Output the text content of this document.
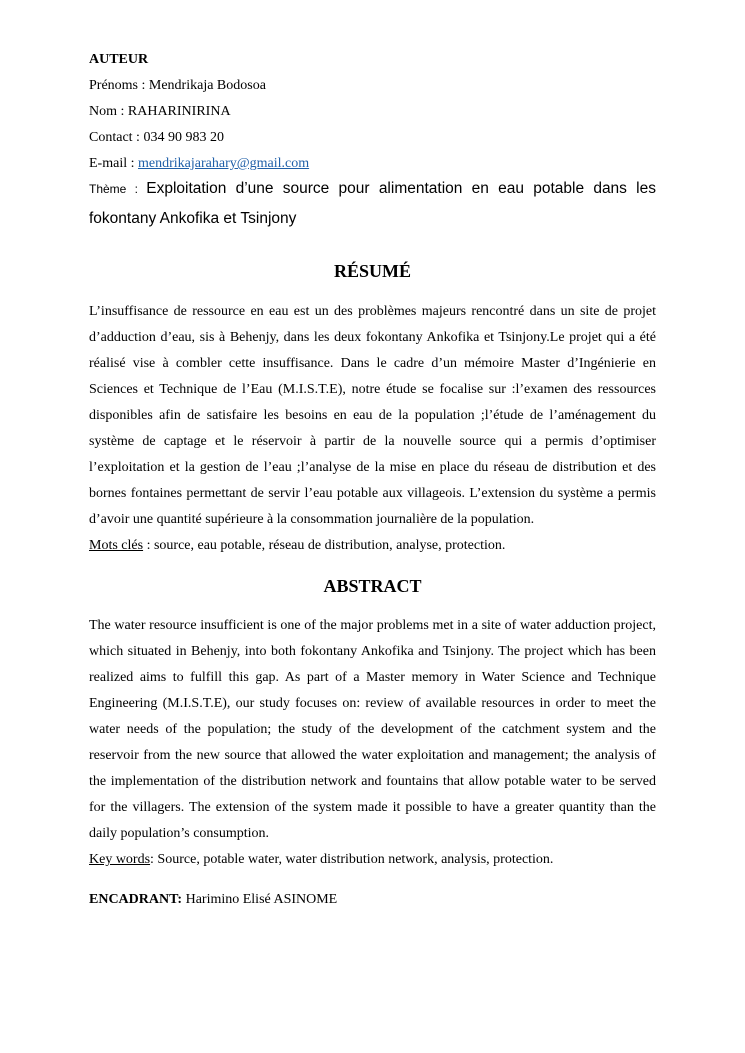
AUTEUR

Prénoms : Mendrikaja Bodosoa

Nom : RAHARINIRINA

Contact : 034 90 983 20

E-mail : mendrikajarahary@gmail.com

Thème : Exploitation d’une source pour alimentation en eau potable dans les fokontany Ankofika et Tsinjony

RÉSUMÉ

L’insuffisance de ressource en eau est un des problèmes majeurs rencontré dans un site de projet d’adduction d’eau, sis à Behenjy, dans les deux fokontany Ankofika et Tsinjony.Le projet qui a été réalisé vise à combler cette insuffisance. Dans le cadre d’un mémoire Master d’Ingénierie en Sciences et Technique de l’Eau (M.I.S.T.E), notre étude se focalise sur :l’examen des ressources disponibles afin de satisfaire les besoins en eau de la population ;l’étude de l’aménagement du système de captage et le réservoir à partir de la nouvelle source qui a permis d’optimiser l’exploitation et la gestion de l’eau ;l’analyse de la mise en place du réseau de distribution et des bornes fontaines permettant de servir l’eau potable aux villageois. L’extension du système a permis d’avoir une quantité supérieure à la consommation journalière de la population.

Mots clés : source, eau potable, réseau de distribution, analyse, protection.

ABSTRACT

The water resource insufficient is one of the major problems met in a site of water adduction project, which situated in Behenjy, into both fokontany Ankofika and Tsinjony. The project which has been realized aims to fulfill this gap. As part of a Master memory in Water Science and Technique Engineering (M.I.S.T.E), our study focuses on: review of available resources in order to meet the water needs of the population; the study of the development of the catchment system and the reservoir from the new source that allowed the water exploitation and management; the analysis of the implementation of the distribution network and fountains that allow potable water to be served for the villagers. The extension of the system made it possible to have a greater quantity than the daily population’s consumption.

Key words: Source, potable water, water distribution network, analysis, protection.

ENCADRANT: Harimino Elisé ASINOME
